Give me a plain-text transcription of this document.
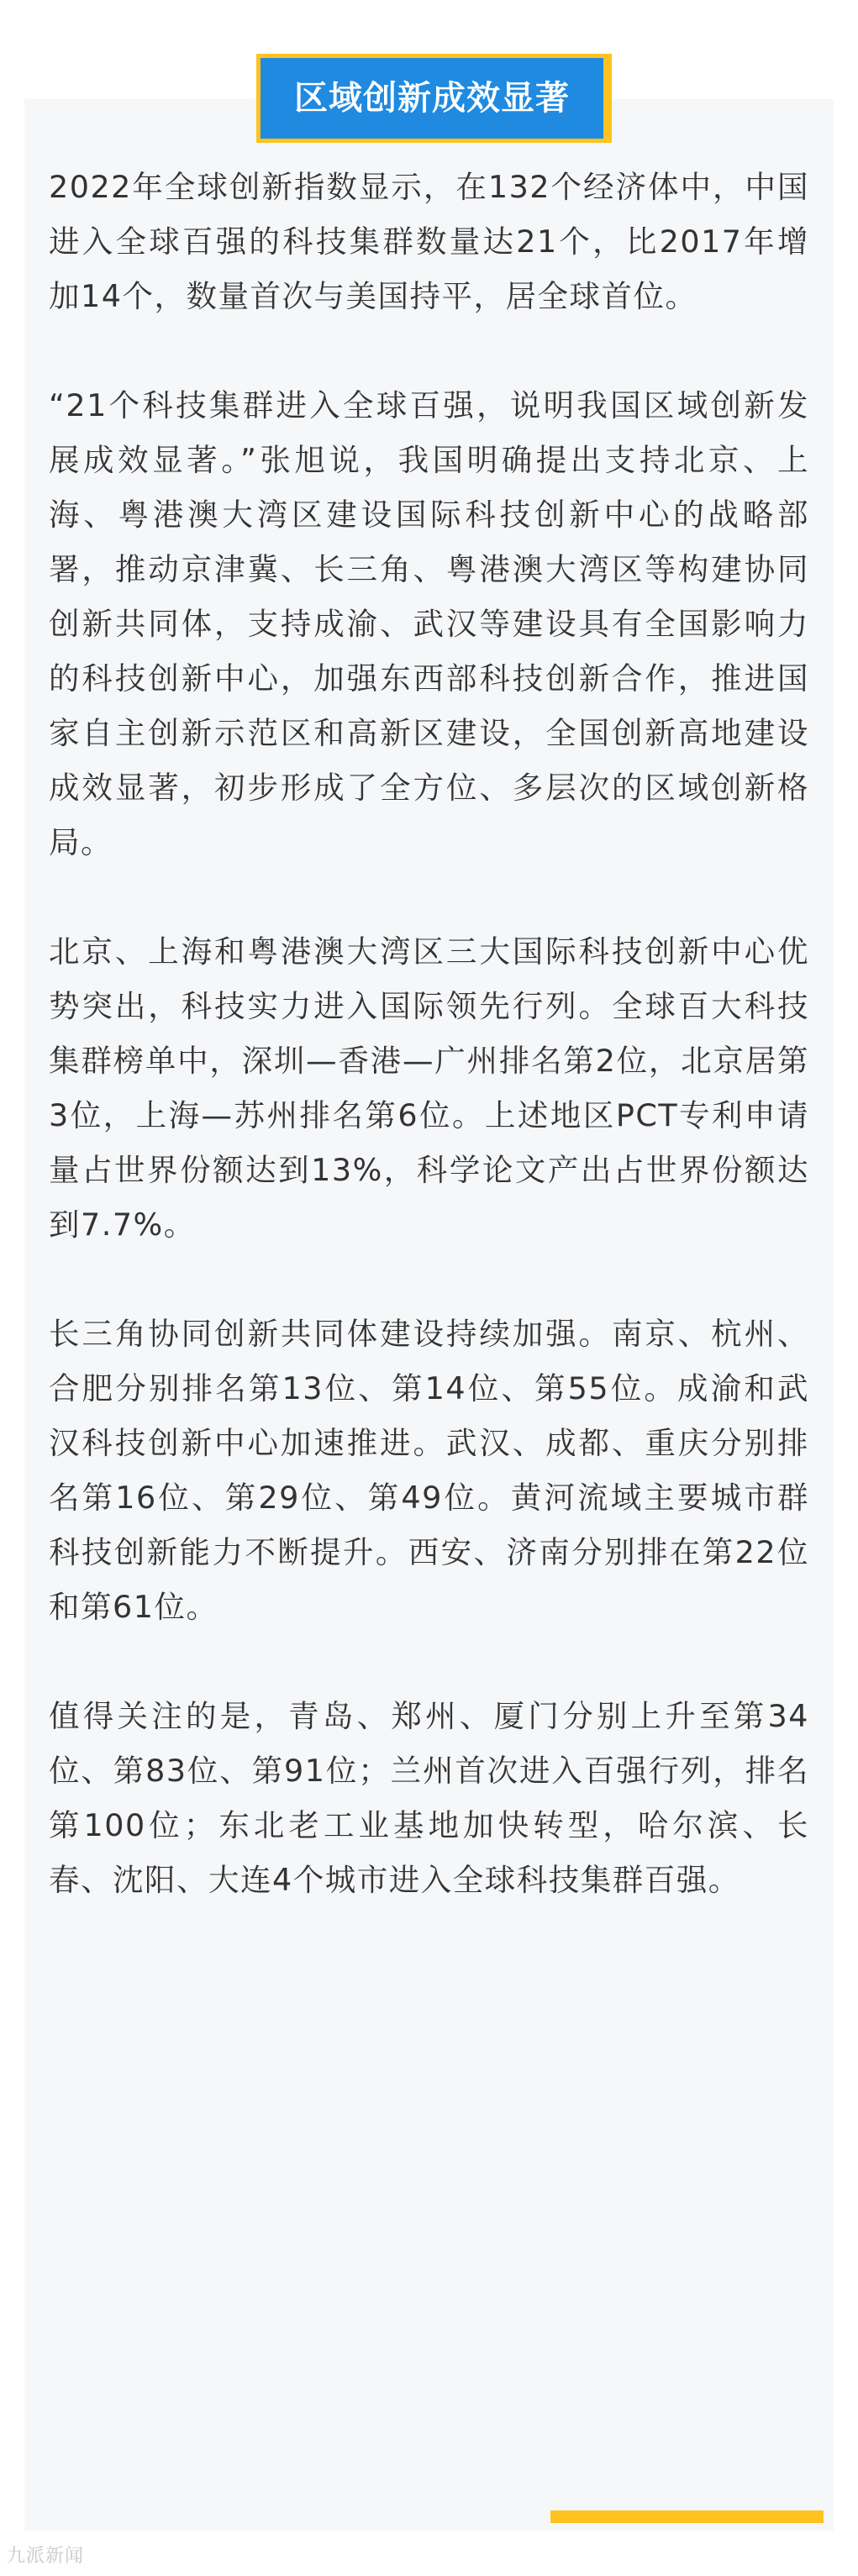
区域创新成效显著

2022年全球创新指数显示，在132个经济体中，中国进入全球百强的科技集群数量达21个，比2017年增加14个，数量首次与美国持平，居全球首位。

“21个科技集群进入全球百强，说明我国区域创新发展成效显著。”张旭说，我国明确提出支持北京、上海、粤港澳大湾区建设国际科技创新中心的战略部署，推动京津冀、长三角、粤港澳大湾区等构建协同创新共同体，支持成渝、武汉等建设具有全国影响力的科技创新中心，加强东西部科技创新合作，推进国家自主创新示范区和高新区建设，全国创新高地建设成效显著，初步形成了全方位、多层次的区域创新格局。

北京、上海和粤港澳大湾区三大国际科技创新中心优势突出，科技实力进入国际领先行列。全球百大科技集群榜单中，深圳—香港—广州排名第2位，北京居第3位，上海—苏州排名第6位。上述地区PCT专利申请量占世界份额达到13%，科学论文产出占世界份额达到7.7%。

长三角协同创新共同体建设持续加强。南京、杭州、合肥分别排名第13位、第14位、第55位。成渝和武汉科技创新中心加速推进。武汉、成都、重庆分别排名第16位、第29位、第49位。黄河流域主要城市群科技创新能力不断提升。西安、济南分别排在第22位和第61位。

值得关注的是，青岛、郑州、厦门分别上升至第34位、第83位、第91位；兰州首次进入百强行列，排名第100位；东北老工业基地加快转型，哈尔滨、长春、沈阳、大连4个城市进入全球科技集群百强。

九派新闻
